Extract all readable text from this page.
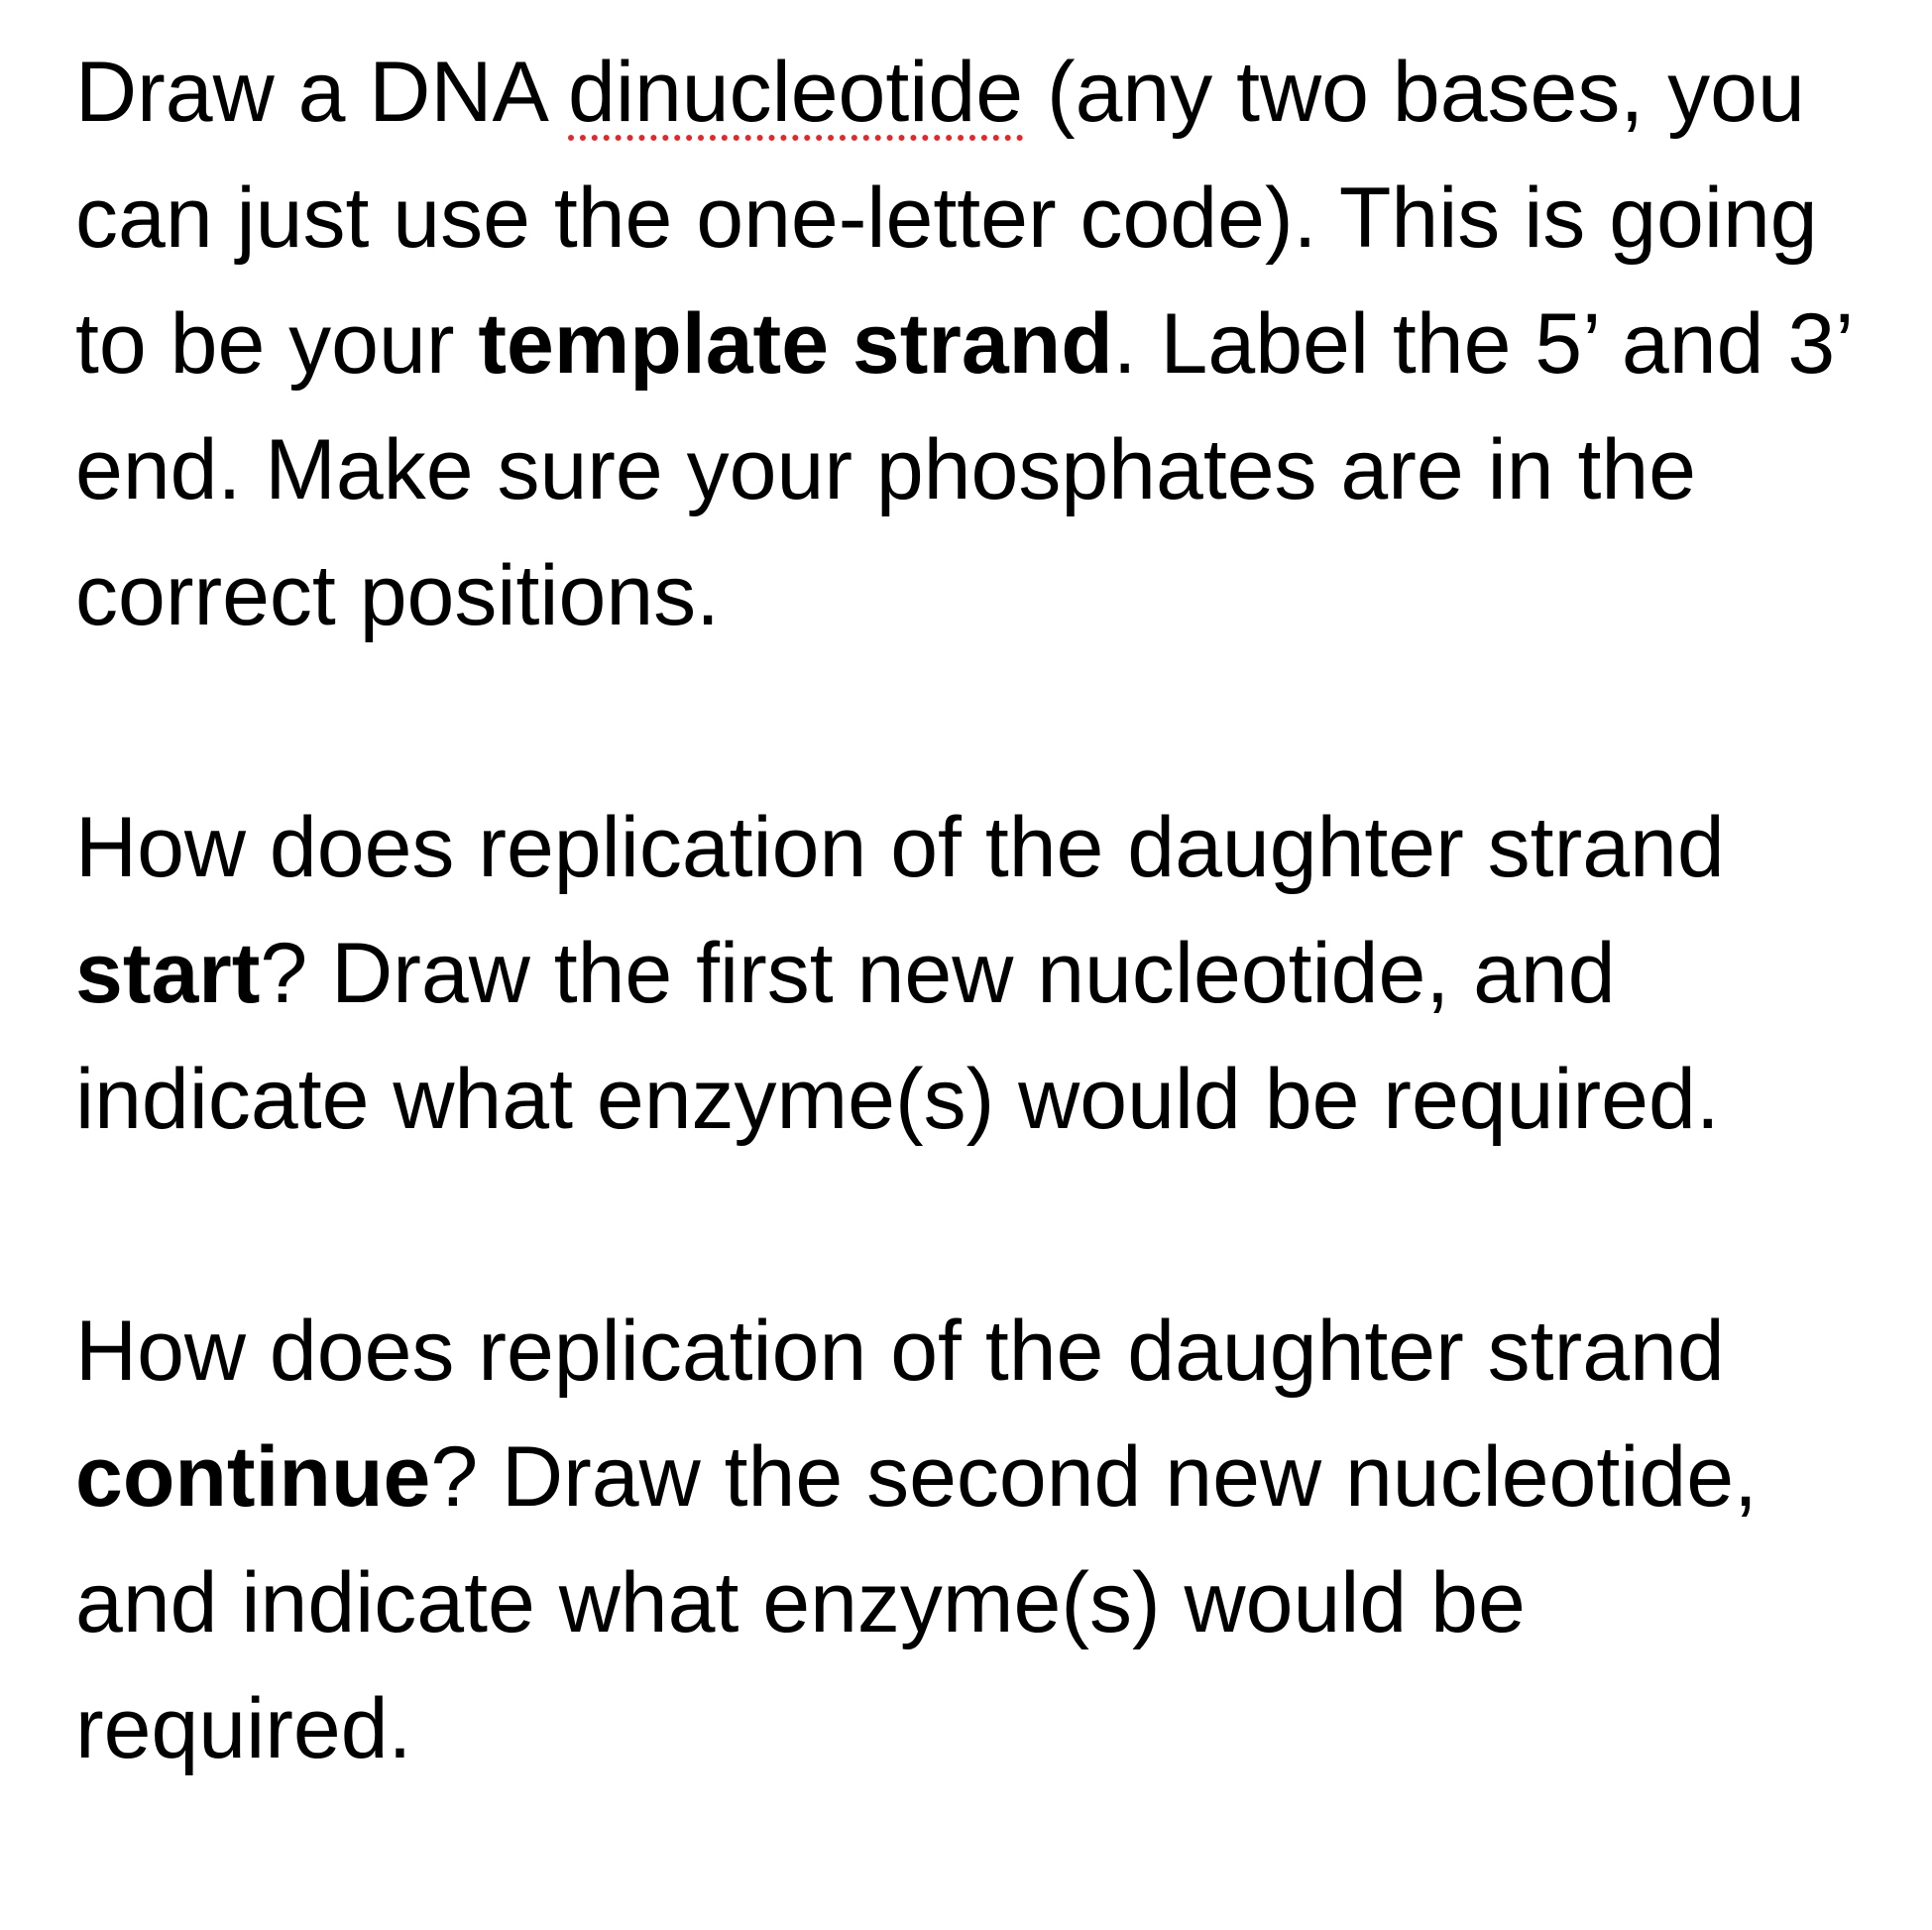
Draw a DNA dinucleotide (any two bases, you
can just use the one-letter code). This is going
to be your template strand. Label the 5’ and 3’
end. Make sure your phosphates are in the
correct positions.

How does replication of the daughter strand
start? Draw the first new nucleotide, and
indicate what enzyme(s) would be required.

How does replication of the daughter strand
continue? Draw the second new nucleotide,
and indicate what enzyme(s) would be
required.
